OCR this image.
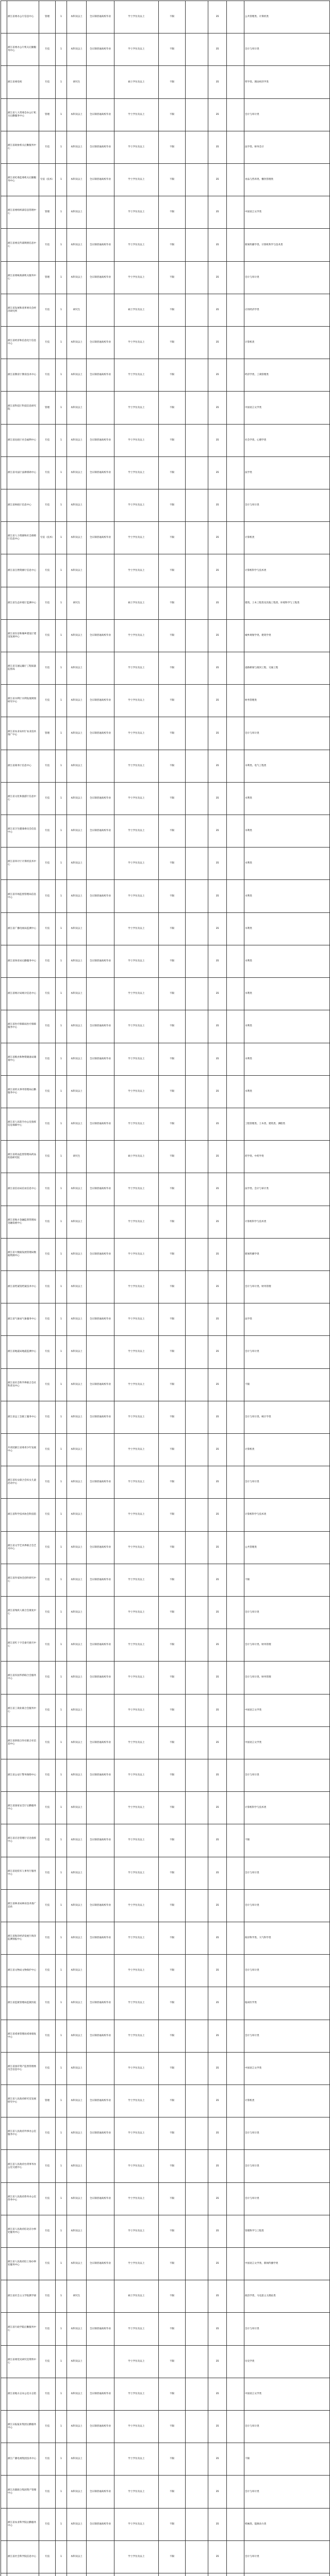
	浙江省委办公厅信息中心	管理	1	本科及以上	全日制普通高校毕业	学士学位及以上	不限		35		公共管理类、计算机类
	浙江省委办公厅机关后勤服务中心	专技	1	本科及以上	全日制普通高校毕业	学士学位及以上	不限		35		会计与审计类
	浙江省委党校	专技	1	研究生		硕士学位及以上	不限		35		哲学类、理论经济学类
	浙江省人大常委会办公厅机关后勤服务中心	管理	1	本科及以上	全日制普通高校毕业	学士学位及以上	不限		35		会计与审计类
	浙江省政协机关后勤服务中心	专技	1	本科及以上	全日制普通高校毕业	学士学位及以上	不限		35		法学类、财务会计
	浙江省纪委监委机关后勤服务中心	专技（技术）	1	本科及以上	全日制普通高校毕业	学士学位及以上	不限		35		食品与营养类、餐饮管理类
	浙江省委组织部信息管理中心	管理	1	本科及以上		学士学位及以上	不限		35		中国语言文学类
	浙江省委宣传部舆情信息中心	专技	1	本科及以上	全日制普通高校毕业	学士学位及以上	不限		35		新闻传播学类、计算机科学与技术类
	浙江省委统战部机关服务中心	管理	1	本科及以上	全日制普通高校毕业	学士学位及以上	不限		35		会计与审计类
	浙江省发展和改革委员会经济研究所	专技	1	研究生		硕士学位及以上	不限		35		应用经济学类
	浙江省经济和信息化厅信息中心	专技	1	本科及以上	全日制普通高校毕业	学士学位及以上	不限		35		计算机类
	浙江省教育厅教育技术中心	专技	1	本科及以上	全日制普通高校毕业	学士学位及以上	不限		35		经济学类、工商管理类
	浙江省科技厅科技信息研究院	管理	1	本科及以上		学士学位及以上	不限		35		中国语言文学类
	浙江省民政厅社会福利中心	专技	1	本科及以上	全日制普通高校毕业	学士学位及以上	不限		35		社会学类、心理学类
	浙江省司法厅法律援助中心	专技	1	本科及以上	全日制普通高校毕业	学士学位及以上	不限		35		法学类
	浙江省财政厅信息中心	专技	1	本科及以上		学士学位及以上	不限		35		会计与审计类
	浙江省人力资源和社会保障厅信息中心	专技（技术）	1	本科及以上	全日制普通高校毕业	学士学位及以上	不限		35		计算机类
	浙江省自然资源厅信息中心	专技	1	本科及以上		学士学位及以上	不限		35		计算机科学与技术类
	浙江省生态环境厅监测中心	专技	1	研究生		硕士学位及以上	不限		35		建筑、土木工程类及其他工程类、环境科学与工程类
	浙江省住房和城乡建设厅建设发展中心	专技	1	本科及以上	全日制普通高校毕业	学士学位及以上	不限		35		城乡规划学类、建筑学类
	浙江省交通运输厅工程质量监督局	专技	1	本科及以上		学士学位及以上	不限		35		道路桥梁与渡河工程、交通工程
	浙江省水利厅水利发展规划研究中心	专技	1	本科及以上	全日制普通高校毕业	学士学位及以上	不限		35		财务管理类
	浙江省农业农村厅农业技术推广中心	管理	1	本科及以上	全日制普通高校毕业	学士学位及以上	不限		35		会计与审计类
	浙江省商务厅信息中心	专技	1	本科及以上		学士学位及以上	不限		35		水利类、电气工程类
	浙江省文化和旅游厅信息中心	专技	1	本科及以上	全日制普通高校毕业	学士学位及以上	不限		35		水利类
	浙江省卫生健康委员会信息中心	专技	1	本科及以上	全日制普通高校毕业	学士学位及以上	不限		35		水利类
	浙江省审计厅计算机技术中心	专技	1	本科及以上		学士学位及以上	不限		35		水利类
	浙江省市场监督管理局信息中心	专技	1	本科及以上	全日制普通高校毕业	学士学位及以上	不限		35		水利类
	浙江省广播电视局监测中心	专技	1	本科及以上		学士学位及以上	不限		35		水利类
	浙江省体育局后勤服务中心	专技	1	本科及以上	全日制普通高校毕业	学士学位及以上	不限		35		水利类
	浙江省统计局统计信息中心	专技	1	本科及以上		学士学位及以上	不限		35		水利类
	浙江省医疗保障局医疗保障服务中心	专技	1	本科及以上	全日制普通高校毕业	学士学位及以上	不限		35		水利类
	浙江省粮食和物资储备局储备中心	专技	1	本科及以上	全日制普通高校毕业	学士学位及以上	不限		35		水利类
	浙江省机关事务管理局后勤服务中心	专技	1	本科及以上		学士学位及以上	不限		35		水利类
	浙江省人民防空办公室指挥信息保障中心	专技	1	本科及以上	全日制普通高校毕业	学士学位及以上	不限		35		工程管理类、土木类、建筑类、测绘类
	浙江省药品监督管理局药品检验研究院	专技	1	研究生		硕士学位及以上	不限		35		药学类、中药学类
	浙江省信访局信访信息中心	专技	1	本科及以上	全日制普通高校毕业	学士学位及以上	不限		35		法学类、会计与审计类
	浙江省地方金融监督管理局金融发展中心	专技	1	本科及以上		学士学位及以上	不限		35		计算机科学与技术类
	浙江省大数据发展管理局数据资源中心	专技	1	本科及以上	全日制普通高校毕业	学士学位及以上	不限		35		新闻传播学类
	浙江省档案馆档案技术中心	专技	1	本科及以上		学士学位及以上	不限		35		会计与审计类、财务管理
	浙江省气象局气象服务中心	专技	1	本科及以上	全日制普通高校毕业	学士学位及以上	不限		35		法学类
	浙江省地震局地震监测中心	专技	1	本科及以上		学士学位及以上	不限		35		会计与审计类
	浙江省社会科学界联合会社科普及中心	专技	1	本科及以上	全日制普通高校毕业	学士学位及以上	不限		35		不限
	浙江省总工会职工服务中心	专技	1	本科及以上	全日制普通高校毕业	学士学位及以上	不限		35		会计与审计类、统计学类
	共青团浙江省委青少年发展中心	专技	1	本科及以上		学士学位及以上	不限		35		计算机类
	浙江省妇女联合会妇女儿童活动中心	专技	1	本科及以上	全日制普通高校毕业	学士学位及以上	不限		35		会计与审计类
	浙江省科学技术协会科技馆	专技	1	本科及以上		学士学位及以上	不限		35		计算机科学与技术类
	浙江省文学艺术界联合会艺术中心	专技	1	本科及以上	全日制普通高校毕业	学士学位及以上	不限		35		公共管理类
	浙江省作家协会创作研究中心	专技	1	本科及以上	全日制普通高校毕业	学士学位及以上	不限		35		不限
	浙江省残疾人联合会康复中心	专技	1	本科及以上		学士学位及以上	不限		35		会计与审计类
	浙江省红十字会备灾救灾中心	专技	1	本科及以上	全日制普通高校毕业	学士学位及以上	不限		35		会计与审计类、财务管理
	浙江省归国华侨联合会服务中心	专技	1	本科及以上	全日制普通高校毕业	学士学位及以上	不限		35		会计与审计类、财务管理
	浙江省工商业联合会服务中心	专技	1	本科及以上		学士学位及以上	不限		35		中国语言文学类
	浙江省供销合作社联合社信息中心	专技	1	本科及以上	全日制普通高校毕业	学士学位及以上	不限		35		中国语言文学类
	浙江省公安厅警务保障中心	专技	1	本科及以上	全日制普通高校毕业	学士学位及以上	不限		35		会计与审计类
	浙江省国家安全厅后勤服务中心	专技	1	本科及以上		学士学位及以上	不限		35		计算机科学与技术类
	浙江省应急管理厅应急指挥中心	专技	1	本科及以上	全日制普通高校毕业	学士学位及以上	不限		35		不限
	浙江省退役军人事务厅服务中心	专技	1	本科及以上		学士学位及以上	不限		35		会计与审计类
	浙江省林业局林业技术推广总站	专技	1	本科及以上	全日制普通高校毕业	学士学位及以上	不限		35		会计与审计类
	浙江省海洋经济发展厅海洋监测预报中心	专技	1	本科及以上	全日制普通高校毕业	学士学位及以上	不限		35		海洋科学类、大气科学类
	浙江省文物局文物保护中心	专技	1	本科及以上		学士学位及以上	不限		35		会计与审计类
	浙江省监狱管理局监狱医院	专技	1	本科及以上	全日制普通高校毕业	学士学位及以上	不限		35		临床医学类
	浙江省戒毒管理局戒毒康复中心	专技	1	本科及以上	全日制普通高校毕业	学士学位及以上	不限		35		会计与审计类
	浙江省国有资产监督管理委员会信息中心	专技	1	本科及以上		学士学位及以上	不限		35		中国语言文学类
	浙江省人民政府研究室发展研究中心	管理	1	本科及以上	全日制普通高校毕业	学士学位及以上	不限		35		计算机类
	浙江省人民政府外事办公室服务中心	专技	1	本科及以上	全日制普通高校毕业	学士学位及以上	不限		35		会计与审计类
	浙江省人民政府台湾事务办公室交流中心	专技	1	本科及以上		学士学位及以上	不限		35		会计与审计类
	浙江省人民政府侨务办公室侨务中心	专技	1	本科及以上	全日制普通高校毕业	学士学位及以上	不限		35		会计与审计类
	浙江省人民政府驻北京办事处服务中心	专技	1	本科及以上		学士学位及以上	不限		35		管理科学与工程类
	浙江省人民政府驻上海办事处服务中心	专技	1	本科及以上	全日制普通高校毕业	学士学位及以上	不限		35		中国语言文学类、新闻传播学类
	浙江省社会主义学院教学部	专技	1	研究生		硕士学位及以上	不限		35		政治学类、马克思主义理论类
	浙江省行政学院后勤服务中心	专技	1	本科及以上	全日制普通高校毕业	学士学位及以上	不限		35		会计与审计类
	浙江省委党史研究室资料中心	专技	1	本科及以上		学士学位及以上	不限		35		历史学类
	浙江省地方志办公室方志馆	专技	1	本科及以上	全日制普通高校毕业	学士学位及以上	不限		35		中国语言文学类
	浙江日报报业集团后勤服务中心	专技	1	本科及以上	全日制普通高校毕业	学士学位及以上	不限		35		会计与审计类
	浙江广播电视集团技术中心	专技	1	本科及以上		学士学位及以上	不限		35		不限
	浙江出版联合集团资产管理中心	专技	1	本科及以上	全日制普通高校毕业	学士学位及以上	不限		35		会计与审计类
	浙江省农业科学院后勤服务中心	专技	1	本科及以上	全日制普通高校毕业	学士学位及以上	不限		35		机械类、能源动力类
	浙江省社会科学院信息中心	专技	1	本科及以上		学士学位及以上	不限		35		会计与审计类
